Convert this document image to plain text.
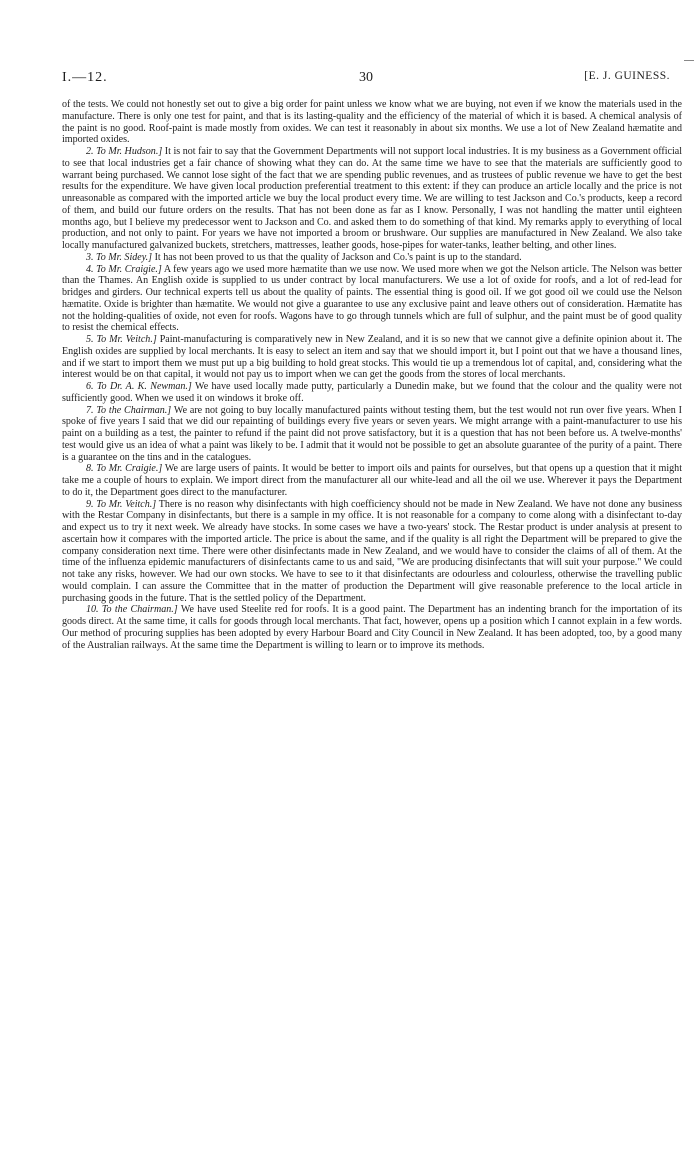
I.—12.	30	[E. J. GUINESS.

of the tests. We could not honestly set out to give a big order for paint unless we know what we are buying, not even if we know the materials used in the manufacture. There is only one test for paint, and that is its lasting-quality and the efficiency of the material of which it is based. A chemical analysis of the paint is no good. Roof-paint is made mostly from oxides. We can test it reasonably in about six months. We use a lot of New Zealand hæmatite and imported oxides.

2. To Mr. Hudson.] It is not fair to say that the Government Departments will not support local industries. It is my business as a Government official to see that local industries get a fair chance of showing what they can do. At the same time we have to see that the materials are sufficiently good to warrant being purchased. We cannot lose sight of the fact that we are spending public revenues, and as trustees of public revenue we have to get the best results for the expenditure. We have given local production preferential treatment to this extent: if they can produce an article locally and the price is not unreasonable as compared with the imported article we buy the local product every time. We are willing to test Jackson and Co.'s products, keep a record of them, and build our future orders on the results. That has not been done as far as I know. Personally, I was not handling the matter until eighteen months ago, but I believe my predecessor went to Jackson and Co. and asked them to do something of that kind. My remarks apply to everything of local production, and not only to paint. For years we have not imported a broom or brushware. Our supplies are manufactured in New Zealand. We also take locally manufactured galvanized buckets, stretchers, mattresses, leather goods, hose-pipes for water-tanks, leather belting, and other lines.

3. To Mr. Sidey.] It has not been proved to us that the quality of Jackson and Co.'s paint is up to the standard.

4. To Mr. Craigie.] A few years ago we used more hæmatite than we use now. We used more when we got the Nelson article. The Nelson was better than the Thames. An English oxide is supplied to us under contract by local manufacturers. We use a lot of oxide for roofs, and a lot of red-lead for bridges and girders. Our technical experts tell us about the quality of paints. The essential thing is good oil. If we got good oil we could use the Nelson hæmatite. Oxide is brighter than hæmatite. We would not give a guarantee to use any exclusive paint and leave others out of consideration. Hæmatite has not the holding-qualities of oxide, not even for roofs. Wagons have to go through tunnels which are full of sulphur, and the paint must be of good quality to resist the chemical effects.

5. To Mr. Veitch.] Paint-manufacturing is comparatively new in New Zealand, and it is so new that we cannot give a definite opinion about it. The English oxides are supplied by local merchants. It is easy to select an item and say that we should import it, but I point out that we have a thousand lines, and if we start to import them we must put up a big building to hold great stocks. This would tie up a tremendous lot of capital, and, considering what the interest would be on that capital, it would not pay us to import when we can get the goods from the stores of local merchants.

6. To Dr. A. K. Newman.] We have used locally made putty, particularly a Dunedin make, but we found that the colour and the quality were not sufficiently good. When we used it on windows it broke off.

7. To the Chairman.] We are not going to buy locally manufactured paints without testing them, but the test would not run over five years. When I spoke of five years I said that we did our repainting of buildings every five years or seven years. We might arrange with a paint-manufacturer to use his paint on a building as a test, the painter to refund if the paint did not prove satisfactory, but it is a question that has not been before us. A twelve-months' test would give us an idea of what a paint was likely to be. I admit that it would not be possible to get an absolute guarantee of the purity of a paint. There is a guarantee on the tins and in the catalogues.

8. To Mr. Craigie.] We are large users of paints. It would be better to import oils and paints for ourselves, but that opens up a question that it might take me a couple of hours to explain. We import direct from the manufacturer all our white-lead and all the oil we use. Wherever it pays the Department to do it, the Department goes direct to the manufacturer.

9. To Mr. Veitch.] There is no reason why disinfectants with high coefficiency should not be made in New Zealand. We have not done any business with the Restar Company in disinfectants, but there is a sample in my office. It is not reasonable for a company to come along with a disinfectant to-day and expect us to try it next week. We already have stocks. In some cases we have a two-years' stock. The Restar product is under analysis at present to ascertain how it compares with the imported article. The price is about the same, and if the quality is all right the Department will be prepared to give the company consideration next time. There were other disinfectants made in New Zealand, and we would have to consider the claims of all of them. At the time of the influenza epidemic manufacturers of disinfectants came to us and said, "We are producing disinfectants that will suit your purpose." We could not take any risks, however. We had our own stocks. We have to see to it that disinfectants are odourless and colourless, otherwise the travelling public would complain. I can assure the Committee that in the matter of production the Department will give reasonable preference to the local article in purchasing goods in the future. That is the settled policy of the Department.

10. To the Chairman.] We have used Steelite red for roofs. It is a good paint. The Department has an indenting branch for the importation of its goods direct. At the same time, it calls for goods through local merchants. That fact, however, opens up a position which I cannot explain in a few words. Our method of procuring supplies has been adopted by every Harbour Board and City Council in New Zealand. It has been adopted, too, by a good many of the Australian railways. At the same time the Department is willing to learn or to improve its methods.
